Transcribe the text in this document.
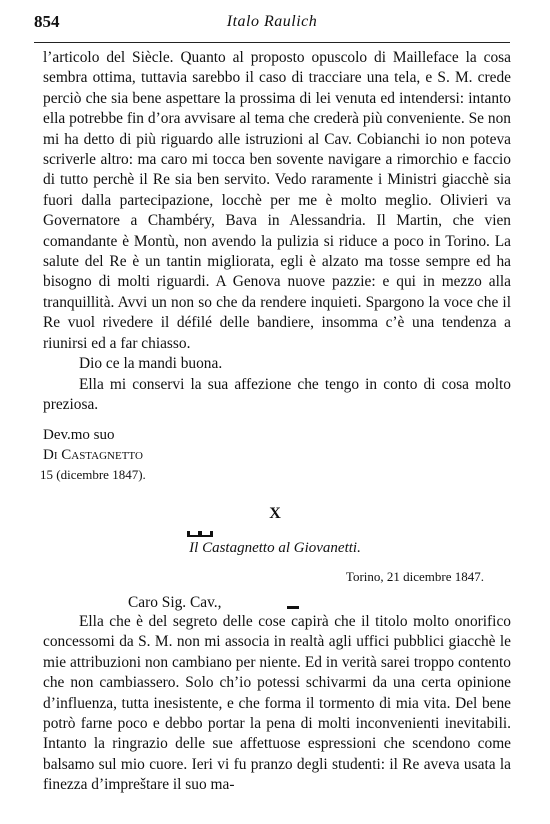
854	Italo Raulich

l’articolo del Siècle. Quanto al proposto opuscolo di Mailleface la cosa sembra ottima, tuttavia sarebbo il caso di tracciare una tela, e S. M. crede perciò che sia bene aspettare la prossima di lei venuta ed intendersi: intanto ella potrebbe fin d’ora avvisare al tema che crederà più conveniente. Se non mi ha detto di più riguardo alle istruzioni al Cav. Cobianchi io non poteva scriverle altro: ma caro mi tocca ben sovente navigare a rimorchio e faccio di tutto perchè il Re sia ben servito. Vedo raramente i Ministri giacchè sia fuori dalla partecipazione, locchè per me è molto meglio. Olivieri va Governatore a Chambéry, Bava in Alessandria. Il Martin, che vien comandante è Montù, non avendo la pulizia si riduce a poco in Torino. La salute del Re è un tantin migliorata, egli è alzato ma tosse sempre ed ha bisogno di molti riguardi. A Genova nuove pazzie: e qui in mezzo alla tranquillità. Avvi un non so che da rendere inquieti. Spargono la voce che il Re vuol rivedere il défilé delle bandiere, insomma c’è una tendenza a riunirsi ed a far chiasso.

Dio ce la mandi buona.

Ella mi conservi la sua affezione che tengo in conto di cosa molto preziosa.

Dev.mo suo
Di Castagnetto
15 (dicembre 1847).
X
Il Castagnetto al Giovanetti.
Torino, 21 dicembre 1847.
Caro Sig. Cav.,

Ella che è del segreto delle cose capirà che il titolo molto onorifico concessomi da S. M. non mi associa in realtà agli uffici pubblici giacchè le mie attribuzioni non cambiano per niente. Ed in verità sarei troppo contento che non cambiassero. Solo ch’io potessi schivarmi da una certa opinione d’influenza, tutta inesistente, e che forma il tormento di mia vita. Del bene potrò farne poco e debbo portar la pena di molti inconvenienti inevitabili. Intanto la ringrazio delle sue affettuose espressioni che scendono come balsamo sul mio cuore. Ieri vi fu pranzo degli studenti: il Re aveva usata la finezza d’impreštare il suo ma-
